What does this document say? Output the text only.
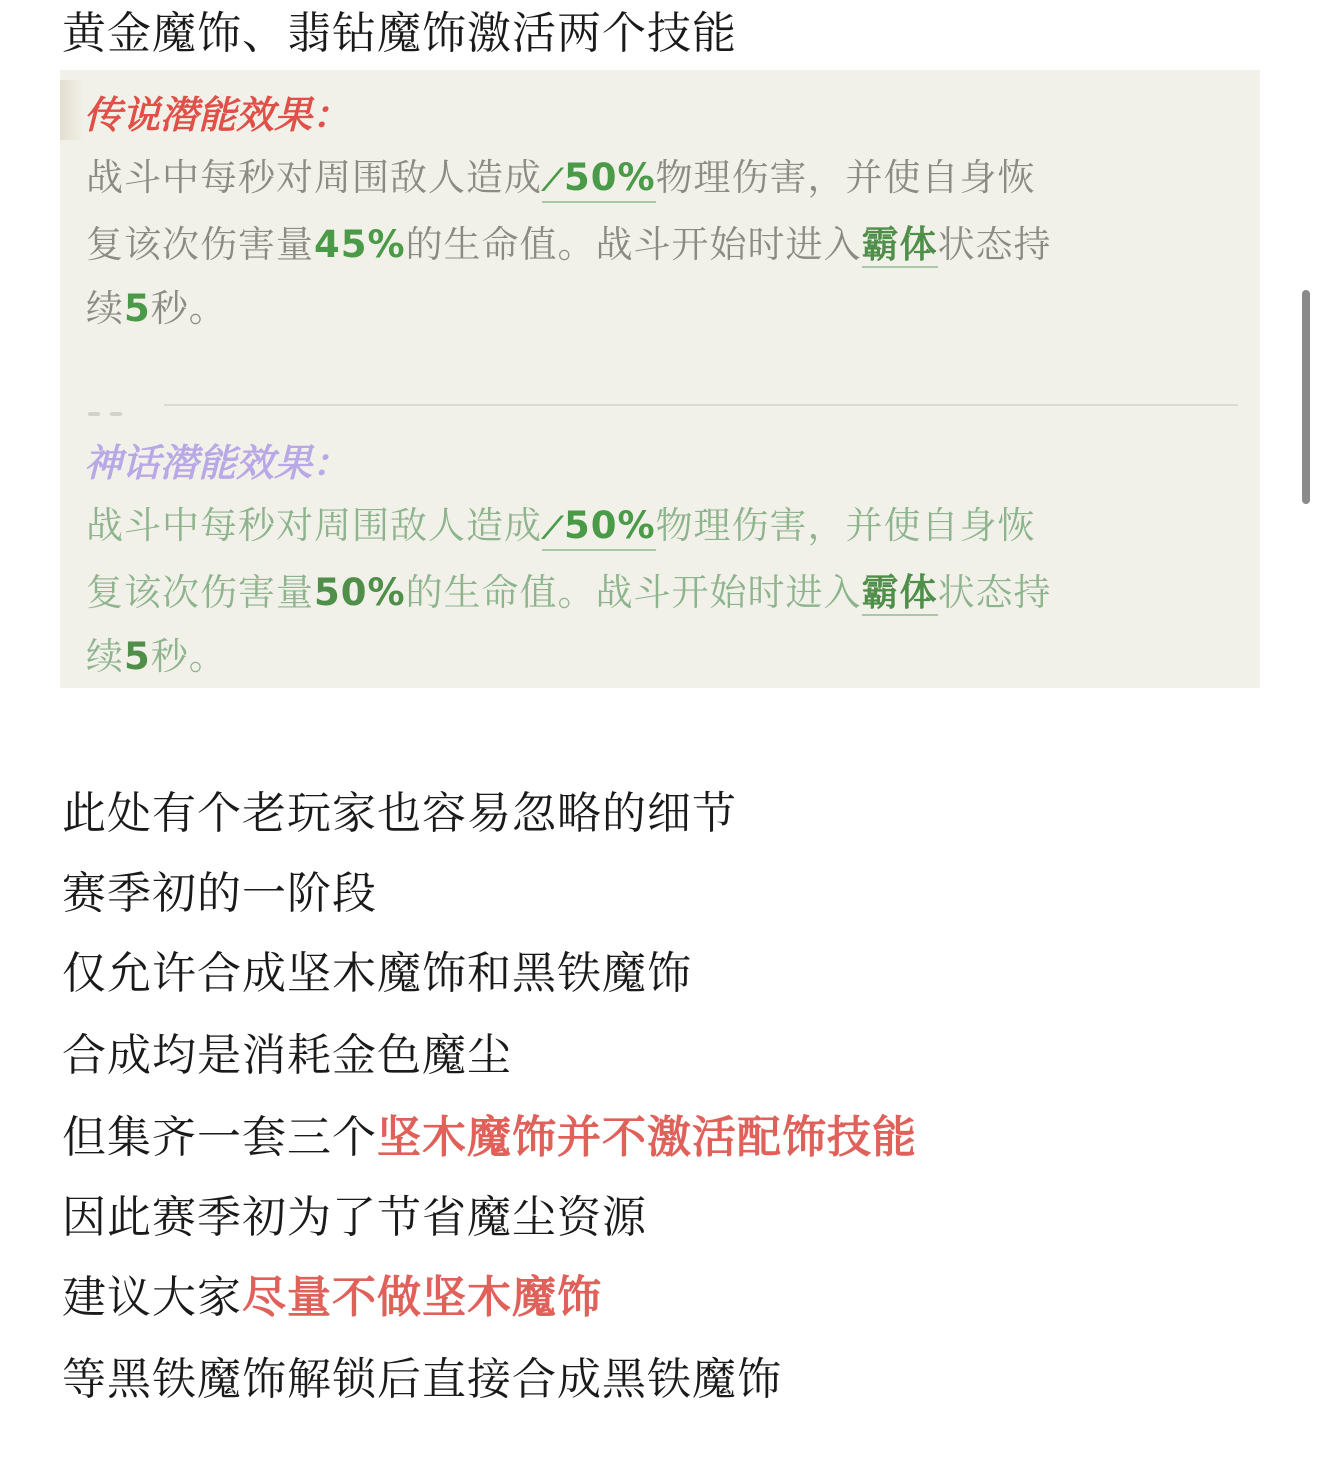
黄金魔饰、翡钻魔饰激活两个技能
传说潜能效果：
战斗中每秒对周围敌人造成⟋50%物理伤害，并使自身恢
复该次伤害量45%的生命值。战斗开始时进入霸体状态持
续5秒。
神话潜能效果：
战斗中每秒对周围敌人造成⟋50%物理伤害，并使自身恢
复该次伤害量50%的生命值。战斗开始时进入霸体状态持
续5秒。
此处有个老玩家也容易忽略的细节
赛季初的一阶段
仅允许合成坚木魔饰和黑铁魔饰
合成均是消耗金色魔尘
但集齐一套三个坚木魔饰并不激活配饰技能
因此赛季初为了节省魔尘资源
建议大家尽量不做坚木魔饰
等黑铁魔饰解锁后直接合成黑铁魔饰
